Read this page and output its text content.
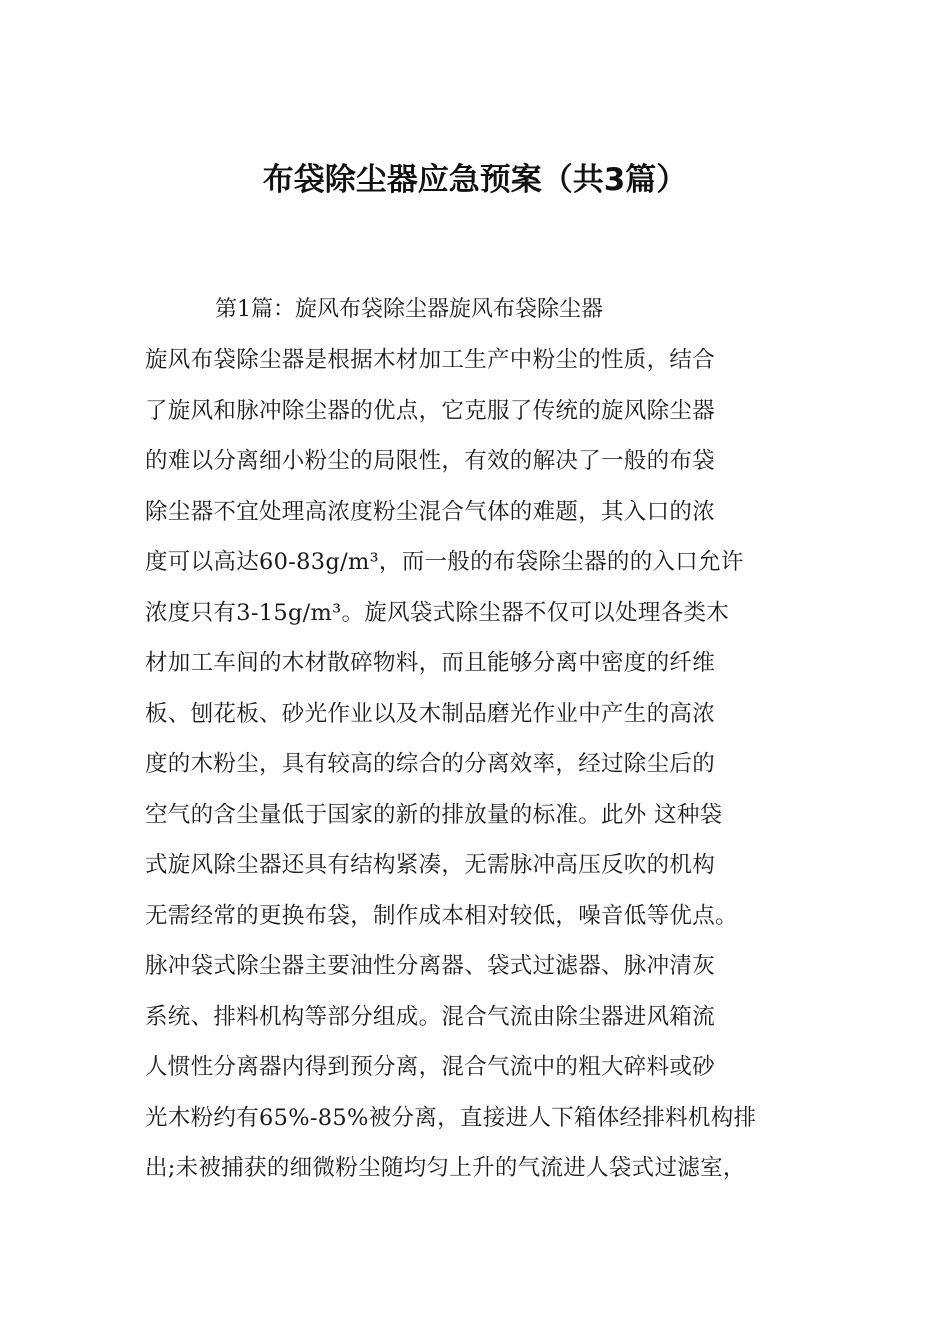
布袋除尘器应急预案（共3篇）

第1篇：旋风布袋除尘器旋风布袋除尘器

旋风布袋除尘器是根据木材加工生产中粉尘的性质，结合
了旋风和脉冲除尘器的优点，它克服了传统的旋风除尘器
的难以分离细小粉尘的局限性，有效的解决了一般的布袋
除尘器不宜处理高浓度粉尘混合气体的难题，其入口的浓
度可以高达60-83g/m³，而一般的布袋除尘器的的入口允许
浓度只有3-15g/m³。旋风袋式除尘器不仅可以处理各类木
材加工车间的木材散碎物料，而且能够分离中密度的纤维
板、刨花板、砂光作业以及木制品磨光作业中产生的高浓
度的木粉尘，具有较高的综合的分离效率，经过除尘后的
空气的含尘量低于国家的新的排放量的标准。此外 这种袋
式旋风除尘器还具有结构紧凑，无需脉冲高压反吹的机构
无需经常的更换布袋，制作成本相对较低，噪音低等优点。
脉冲袋式除尘器主要油性分离器、袋式过滤器、脉冲清灰
系统、排料机构等部分组成。混合气流由除尘器进风箱流
人惯性分离器内得到预分离，混合气流中的粗大碎料或砂
光木粉约有65%-85%被分离，直接进人下箱体经排料机构排
出;未被捕获的细微粉尘随均匀上升的气流进人袋式过滤室，
